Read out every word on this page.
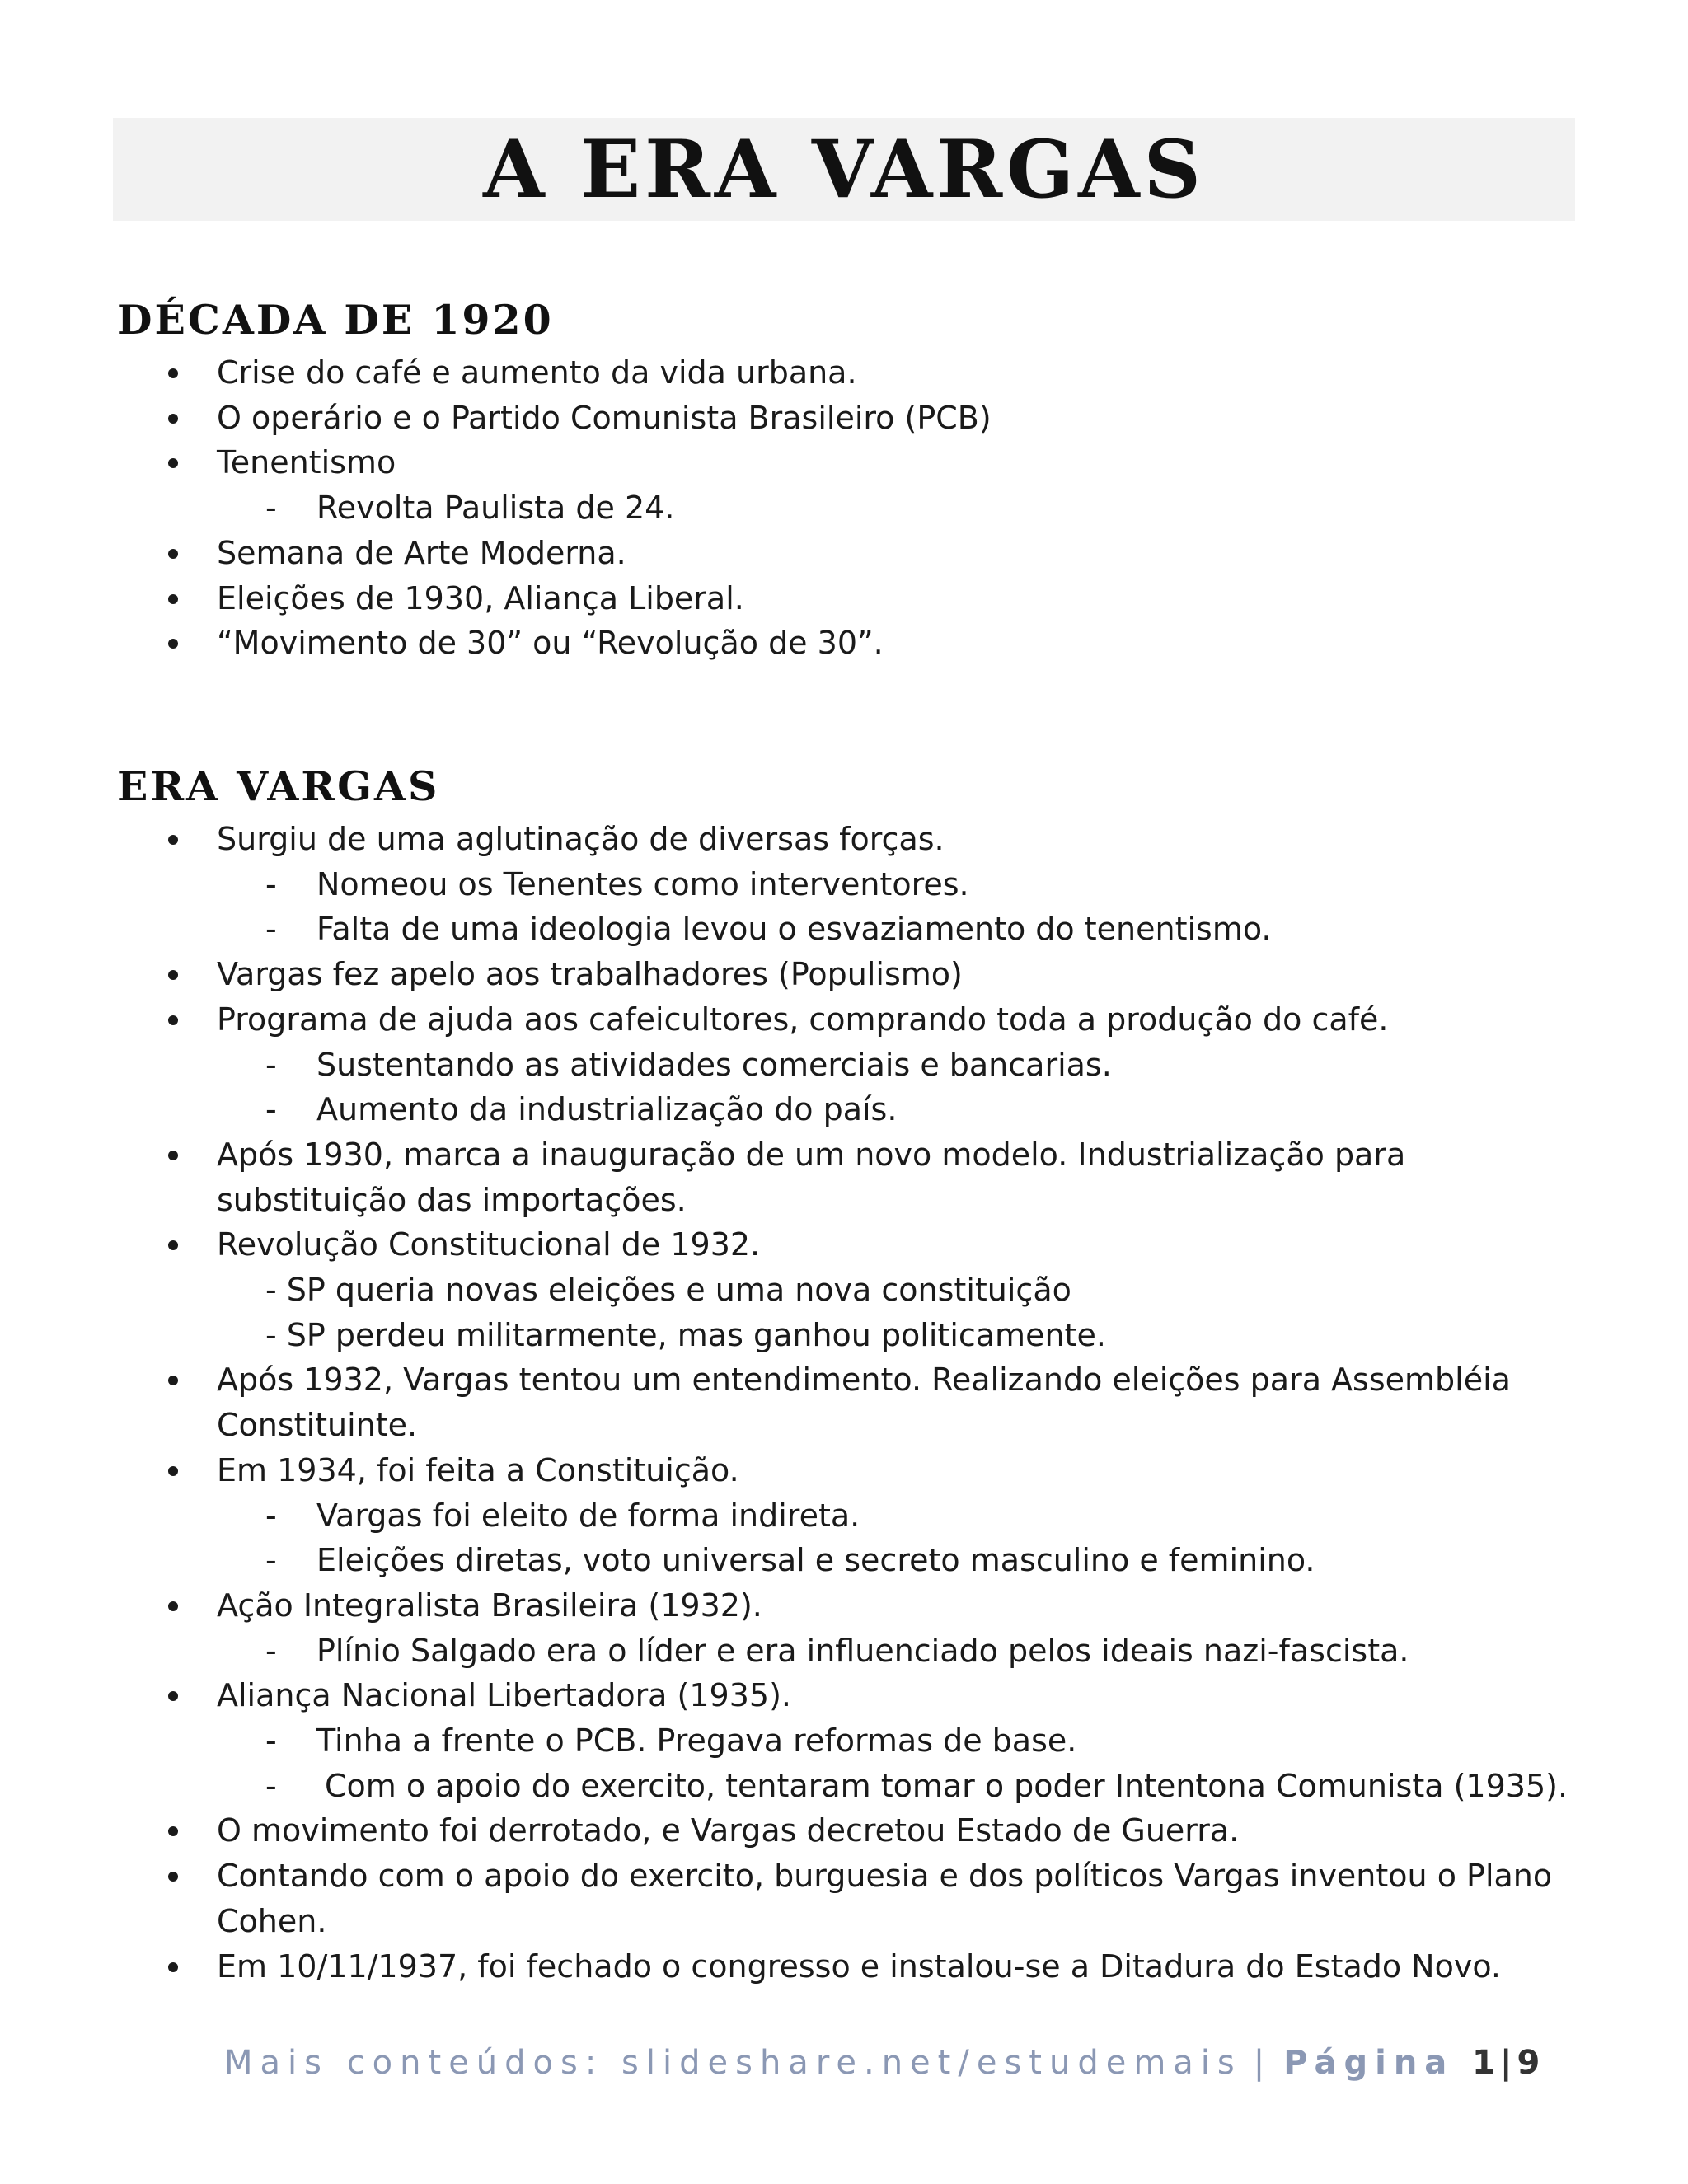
A ERA VARGAS
DÉCADA DE 1920
Crise do café e aumento da vida urbana.
O operário e o Partido Comunista Brasileiro (PCB)
Tenentismo
- Revolta Paulista de 24.
Semana de Arte Moderna.
Eleições de 1930, Aliança Liberal.
“Movimento de 30” ou “Revolução de 30”.
ERA VARGAS
Surgiu de uma aglutinação de diversas forças.
- Nomeou os Tenentes como interventores.
- Falta de uma ideologia levou o esvaziamento do tenentismo.
Vargas fez apelo aos trabalhadores (Populismo)
Programa de ajuda aos cafeicultores, comprando toda a produção do café.
- Sustentando as atividades comerciais e bancarias.
- Aumento da industrialização do país.
Após 1930, marca a inauguração de um novo modelo. Industrialização para
substituição das importações.
Revolução Constitucional de 1932.
- SP queria novas eleições e uma nova constituição
- SP perdeu militarmente, mas ganhou politicamente.
Após 1932, Vargas tentou um entendimento. Realizando eleições para Assembléia
Constituinte.
Em 1934, foi feita a Constituição.
- Vargas foi eleito de forma indireta.
- Eleições diretas, voto universal e secreto masculino e feminino.
Ação Integralista Brasileira (1932).
- Plínio Salgado era o líder e era influenciado pelos ideais nazi-fascista.
Aliança Nacional Libertadora (1935).
- Tinha a frente o PCB. Pregava reformas de base.
- Com o apoio do exercito, tentaram tomar o poder Intentona Comunista (1935).
O movimento foi derrotado, e Vargas decretou Estado de Guerra.
Contando com o apoio do exercito, burguesia e dos políticos Vargas inventou o Plano
Cohen.
Em 10/11/1937, foi fechado o congresso e instalou-se a Ditadura do Estado Novo.
Mais conteúdos: slideshare.net/estudemais | Página 1|9
